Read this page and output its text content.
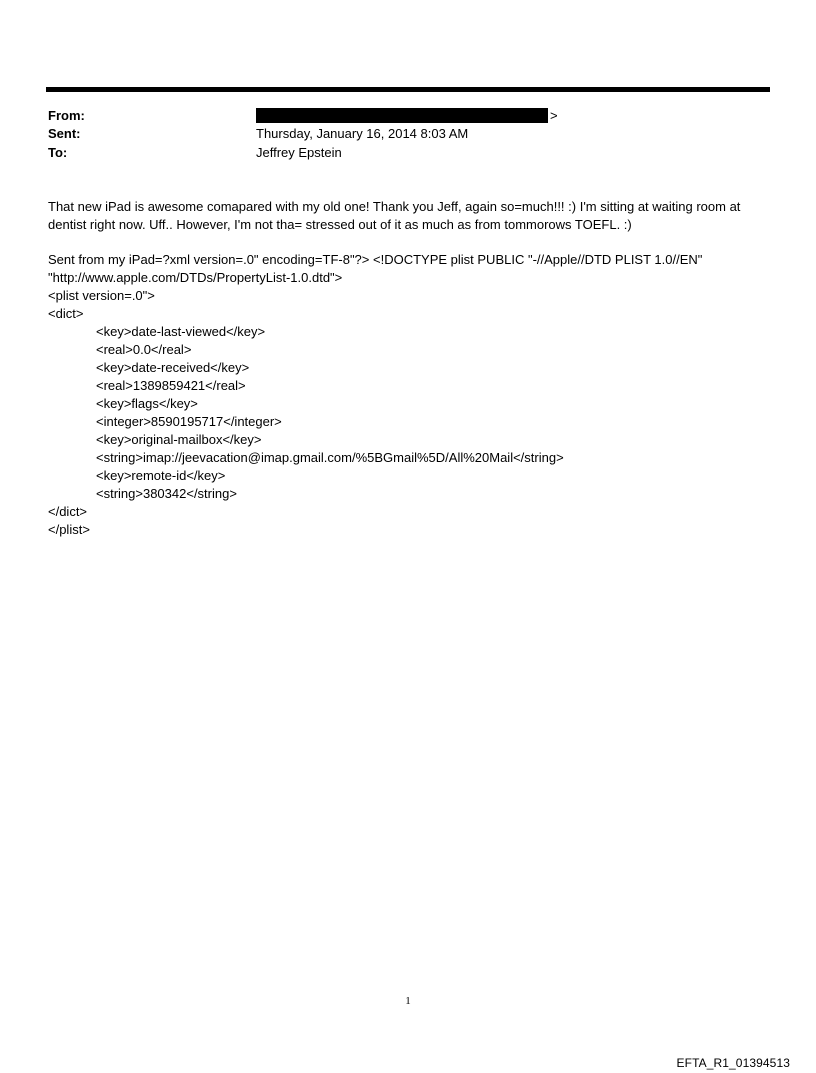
From:	>
Sent:	Thursday, January 16, 2014 8:03 AM
To:	Jeffrey Epstein
That new iPad is awesome comapared with my old one! Thank you Jeff, again so=much!!! :) I'm sitting at waiting room at
dentist right now. Uff.. However, I'm not tha= stressed out of it as much as from tommorows TOEFL. :)
Sent from my iPad=?xml version=.0" encoding=TF-8"?> <!DOCTYPE plist PUBLIC "-//Apple//DTD PLIST 1.0//EN"
"http://www.apple.com/DTDs/PropertyList-1.0.dtd">
<plist version=.0">
<dict>
<key>date-last-viewed</key>
<real>0.0</real>
<key>date-received</key>
<real>1389859421</real>
<key>flags</key>
<integer>8590195717</integer>
<key>original-mailbox</key>
<string>imap://jeevacation@imap.gmail.com/%5BGmail%5D/All%20Mail</string>
<key>remote-id</key>
<string>380342</string>
</dict>
</plist>
1
EFTA_R1_01394513
